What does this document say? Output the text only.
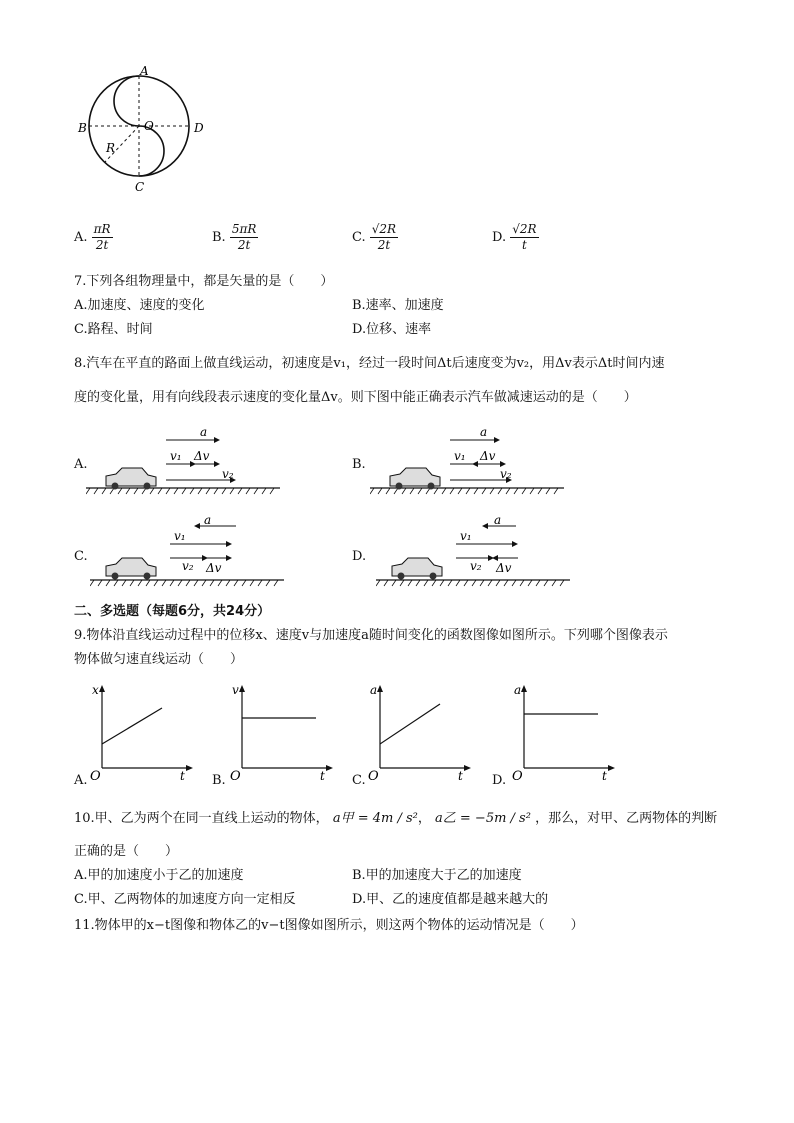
A
B
C
D
O
R
A. $\frac{\pi R}{2t}$	B. $\frac{5\pi R}{2t}$	C. $\frac{√2R}{2t}$	D. $\frac{√2R}{t}$
7.下列各组物理量中，都是矢量的是（　　）
A.加速度、速度的变化	B.速率、加速度
C.路程、时间	D.位移、速率
8.汽车在平直的路面上做直线运动，初速度是v₁，经过一段时间Δt后速度变为v₂，用Δv表示Δt时间内速
度的变化量，用有向线段表示速度的变化量Δv。则下图中能正确表示汽车做减速运动的是（　　）
A.
a
v₁ Δv
v₂
B.
a
v₁ Δv
v₂
C.
a
v₁
v₂ Δv
D.
a
v₁
v₂ Δv
二、多选题（每题6分，共24分）
9.物体沿直线运动过程中的位移x、速度v与加速度a随时间变化的函数图像如图所示。下列哪个图像表示
物体做匀速直线运动（　　）
A.
x
O	t B.
v
O	t C.
a
O	t D.
a
O	t
10.甲、乙为两个在同一直线上运动的物体， a甲 = 4m / s²， a乙 = −5m / s² ，那么，对甲、乙两物体的判断
正确的是（　　）
A.甲的加速度小于乙的加速度	B.甲的加速度大于乙的加速度
C.甲、乙两物体的加速度方向一定相反	D.甲、乙的速度值都是越来越大的
11.物体甲的x−t图像和物体乙的v−t图像如图所示，则这两个物体的运动情况是（　　）
